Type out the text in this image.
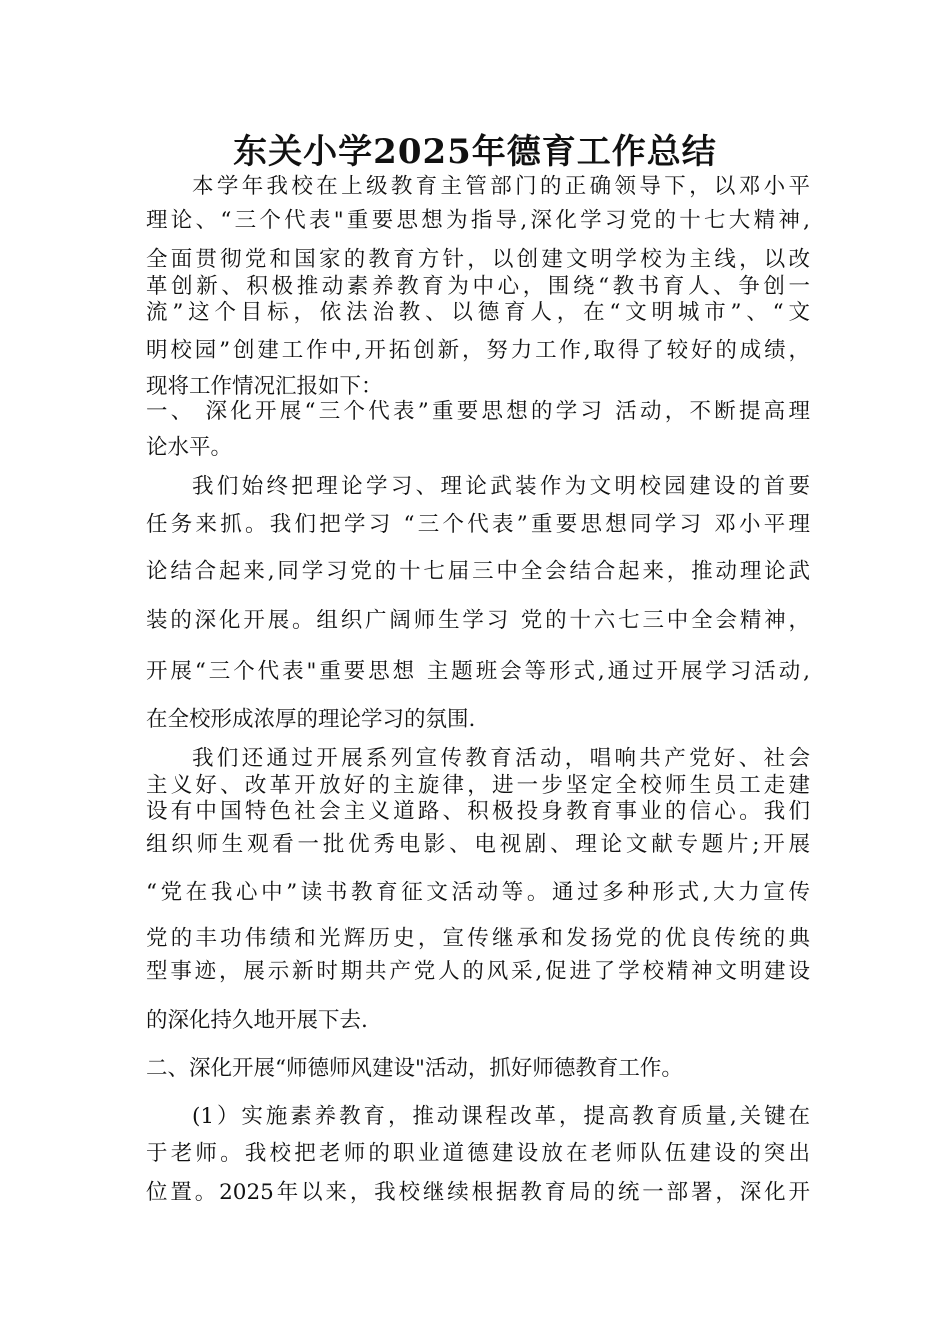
东关小学2025年德育工作总结
本学年我校在上级教育主管部门的正确领导下，以邓小平
理论、“三个代表"重要思想为指导,深化学习党的十七大精神,
全面贯彻党和国家的教育方针，以创建文明学校为主线，以改
革创新、积极推动素养教育为中心，围绕“教书育人、争创一
流”这个目标，依法治教、以德育人，在“文明城市”、“文
明校园”创建工作中,开拓创新，努力工作,取得了较好的成绩，
现将工作情况汇报如下：
一、 深化开展“三个代表”重要思想的学习 活动，不断提高理
论水平。
我们始终把理论学习、理论武装作为文明校园建设的首要
任务来抓。我们把学习 “三个代表”重要思想同学习 邓小平理
论结合起来,同学习党的十七届三中全会结合起来，推动理论武
装的深化开展。组织广阔师生学习 党的十六七三中全会精神，
开展“三个代表"重要思想 主题班会等形式,通过开展学习活动,
在全校形成浓厚的理论学习的氛围.
我们还通过开展系列宣传教育活动，唱响共产党好、社会
主义好、改革开放好的主旋律，进一步坚定全校师生员工走建
设有中国特色社会主义道路、积极投身教育事业的信心。我们
组织师生观看一批优秀电影、电视剧、理论文献专题片;开展
“党在我心中”读书教育征文活动等。通过多种形式,大力宣传
党的丰功伟绩和光辉历史，宣传继承和发扬党的优良传统的典
型事迹，展示新时期共产党人的风采,促进了学校精神文明建设
的深化持久地开展下去.
二、深化开展“师德师风建设"活动，抓好师德教育工作。
(1）实施素养教育，推动课程改革，提高教育质量,关键在
于老师。我校把老师的职业道德建设放在老师队伍建设的突出
位置。2025年以来，我校继续根据教育局的统一部署，深化开
